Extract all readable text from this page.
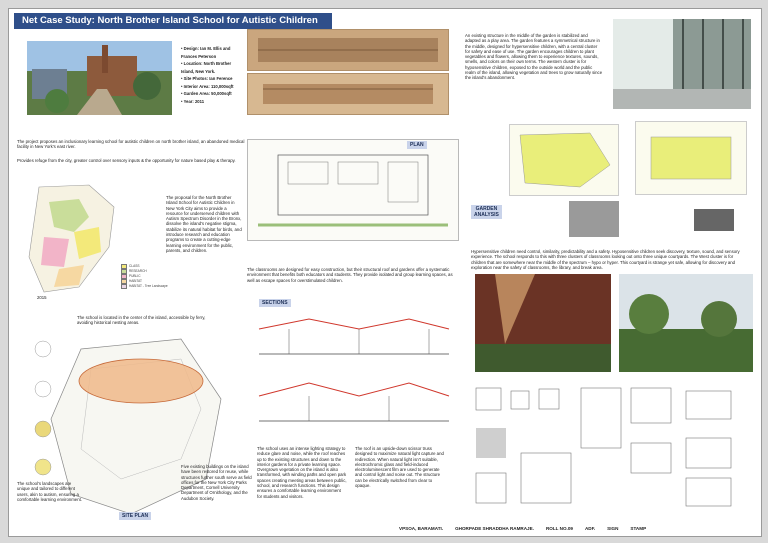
Net Case Study: North Brother Island School for Autistic Children
• Design: Ian M. Ellis and Frances Peterson
• Location: North Brother Island, New York.
• Site Photos: Ian Ference
• Interior Area: 110,000sqft
• Garden Area: 50,000sqft
• Year: 2011
The project proposes an inclusionary learning school for autistic children on north brother island, an abandoned medical facility in New York's east river.
Provides refuge from the city, greater control over sensory inputs & the opportunity for nature based play & therapy.
2015
CLASS
RESEARCH
PUBLIC
HABITAT
HABITAT - Tree Landscape
The proposal for the North Brother Island School for Autistic Children in New York City aims to provide a resource for underserved children with Autism Spectrum Disorder in the Bronx, dissolve the island's negative stigma, stabilize its natural habitat for birds, and introduce research and education programs to create a cutting-edge learning environment for the public, parents, and children.
The school is located in the center of the island, accessible by ferry, avoiding historical nesting areas.
The school's landscapes are unique and tailored to different users, akin to autism, ensuring a comfortable learning environment.
Five existing buildings on the island have been restored for reuse, while structures further south serve as field offices for the New York City Parks Department, Cornell University Department of Ornithology, and the Audubon Society.
SITE PLAN
PLAN
The classrooms are designed for easy construction, but their structural roof and gardens offer a systematic environment that benefits both educators and students. They provide isolated and group learning spaces, as well as escape spaces for overstimulated children.
SECTIONS
The school uses an intense lighting strategy to reduce glare and noise, while the roof reaches up to the existing structures and down to the interior gardens for a private learning space. Overgrown vegetation on the island is also transformed, with winding paths and open park spaces creating meeting areas between public, school, and research functions. This design ensures a comfortable learning environment for students and visitors.
The roof is an upside-down scissor truss designed to maximize natural light capture and redirection. When natural light isn't suitable, electrochromic glass and field-induced electroluminescent film are used to generate and control light and noise out. The structure can be electrically switched from clear to opaque.
An existing structure in the middle of the garden is stabilized and adapted as a play area. The garden features a symmetrical structure in the middle, designed for hypersensitive children, with a central cluster for safety and ease of use. The garden encourages children to plant vegetables and flowers, allowing them to experience textures, sounds, smells, and colors on their own terms. The western cluster is for hyposensitive children, exposed to the outside world and the public realm of the island, allowing vegetation and trees to grow naturally since the island's abandonment.
GARDEN
ANALYSIS
Hypersensitive children need control, similarity, predictability and a safety. Hyposensitive children seek discovery, texture, sound, and sensory experience. The school responds to this with three clusters of classrooms looking out onto three unique courtyards. The West cluster is for children that are somewhere near the middle of the spectrum – hypo or hyper. This courtyard is strange yet safe, allowing for discovery and exploration near the safety of classrooms, the library, and break area.
VPSOA, BARAMATI.	GHORPADE SHRADDHA RAMRAJE.	ROLL NO.09	ADF.	SIGN	STAMP
